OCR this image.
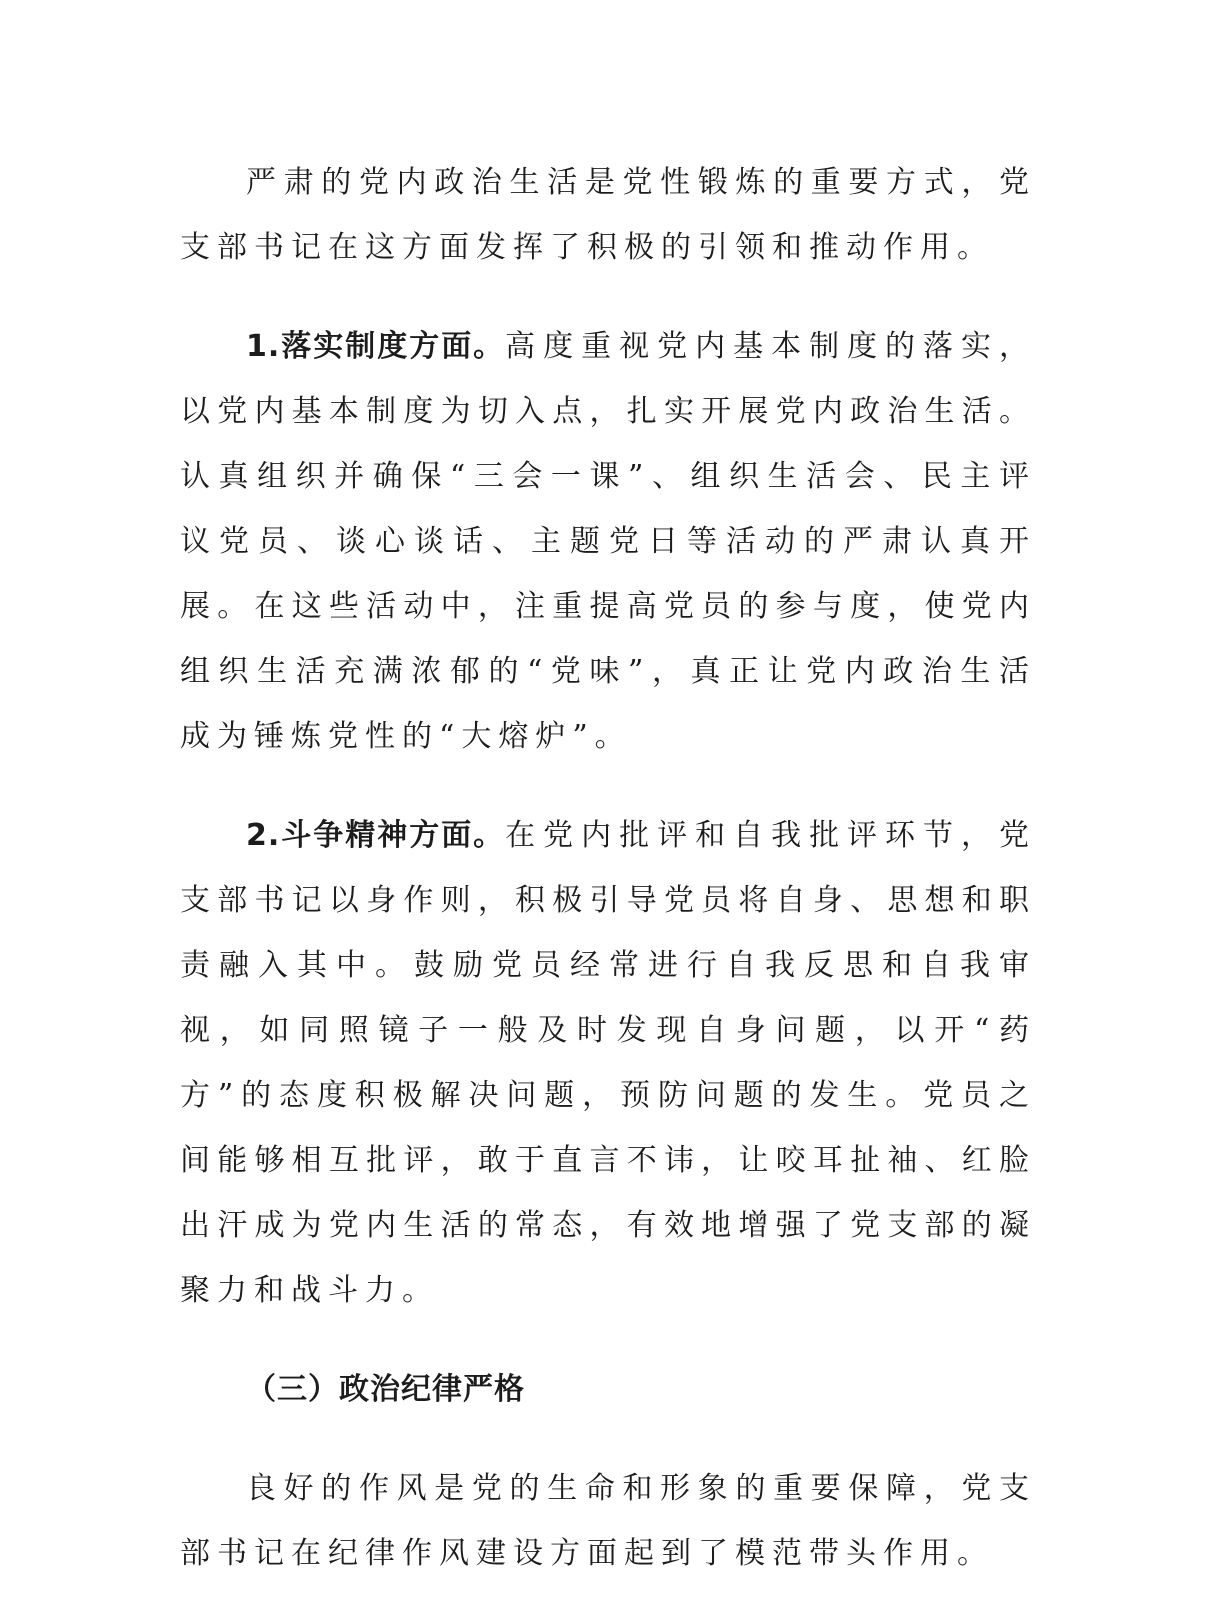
严肃的党内政治生活是党性锻炼的重要方式，党支部书记在这方面发挥了积极的引领和推动作用。

1.落实制度方面。高度重视党内基本制度的落实，以党内基本制度为切入点，扎实开展党内政治生活。认真组织并确保“三会一课”、组织生活会、民主评议党员、谈心谈话、主题党日等活动的严肃认真开展。在这些活动中，注重提高党员的参与度，使党内组织生活充满浓郁的“党味”，真正让党内政治生活成为锤炼党性的“大熔炉”。

2.斗争精神方面。在党内批评和自我批评环节，党支部书记以身作则，积极引导党员将自身、思想和职责融入其中。鼓励党员经常进行自我反思和自我审视，如同照镜子一般及时发现自身问题，以开“药方”的态度积极解决问题，预防问题的发生。党员之间能够相互批评，敢于直言不讳，让咬耳扯袖、红脸出汗成为党内生活的常态，有效地增强了党支部的凝聚力和战斗力。

（三）政治纪律严格

良好的作风是党的生命和形象的重要保障，党支部书记在纪律作风建设方面起到了模范带头作用。
